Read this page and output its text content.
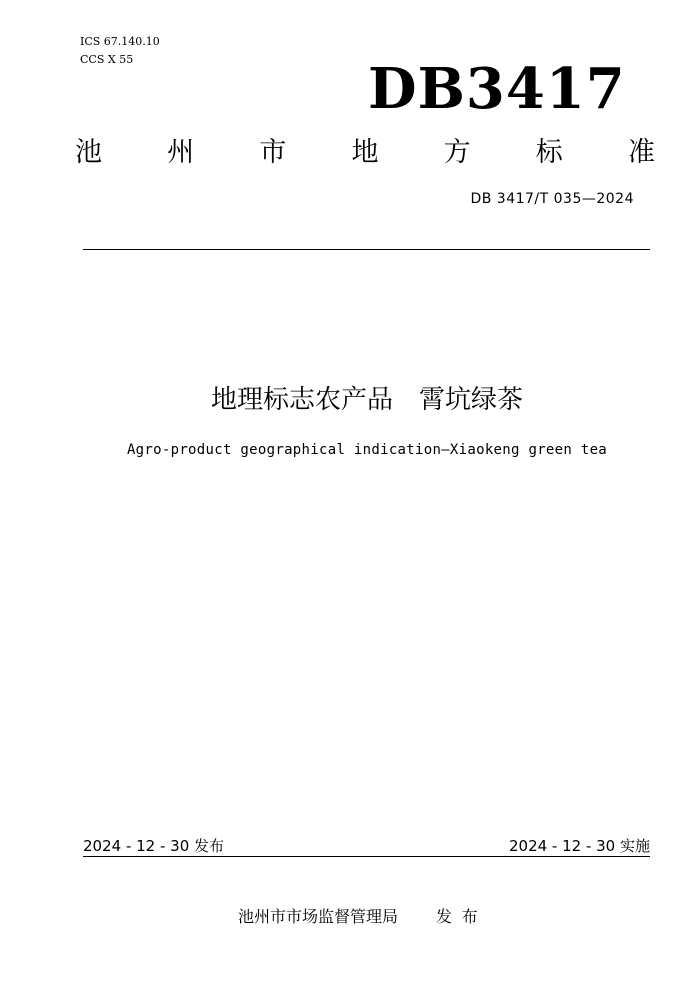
ICS 67.140.10
CCS X 55	DB3417
池 州 市 地 方 标 准
DB 3417/T 035—2024
地理标志农产品　霄坑绿茶
Agro-product geographical indication—Xiaokeng green tea
2024 - 12 - 30 发布	2024 - 12 - 30 实施
池州市市场监督管理局 发布
